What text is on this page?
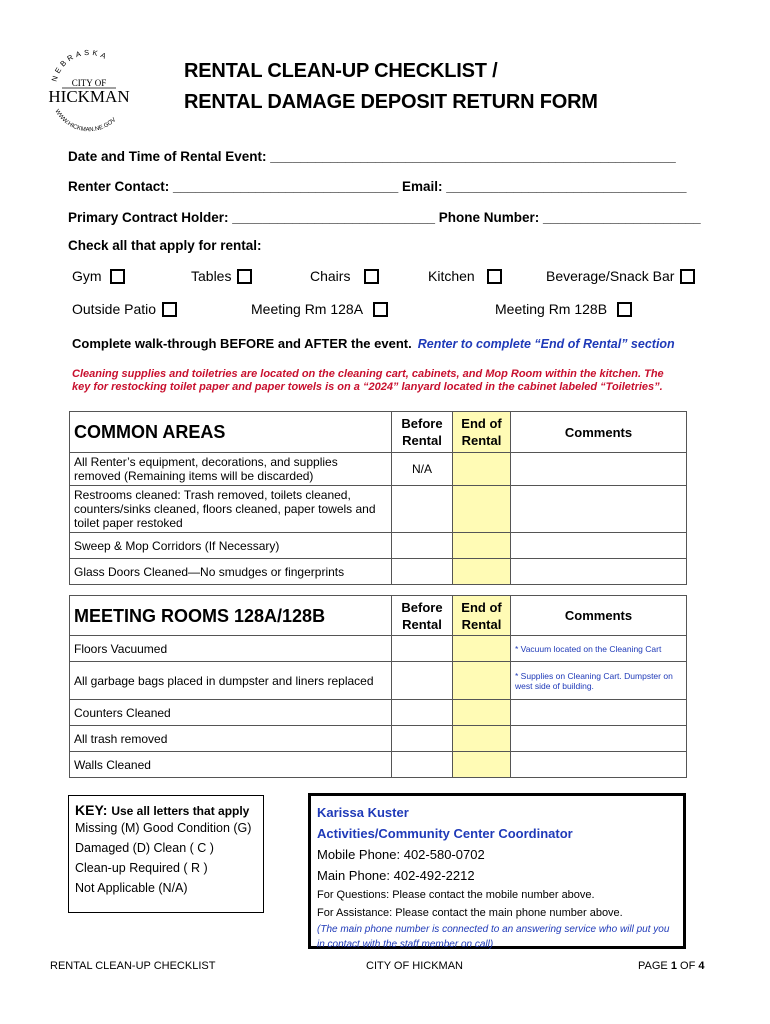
NEBRASKA
CITY OF
HICKMAN
WWW.HICKMAN.NE.GOV
RENTAL CLEAN-UP CHECKLIST /
RENTAL DAMAGE DEPOSIT RETURN FORM
Date and Time of Rental Event: ______________________________________________________
Renter Contact: ______________________________ Email: ________________________________
Primary Contract Holder: ___________________________ Phone Number: _____________________
Check all that apply for rental:
Gym	Tables	Chairs	Kitchen	Beverage/Snack Bar
Outside Patio	Meeting Rm 128A	Meeting Rm 128B
Complete walk-through BEFORE and AFTER the event. Renter to complete “End of Rental” section
Cleaning supplies and toiletries are located on the cleaning cart, cabinets, and Mop Room within the kitchen. The key for restocking toilet paper and paper towels is on a “2024” lanyard located in the cabinet labeled “Toiletries”.
COMMON AREAS	Before Rental	End of Rental	Comments
All Renter’s equipment, decorations, and supplies removed (Remaining items will be discarded)	N/A		
Restrooms cleaned: Trash removed, toilets cleaned, counters/sinks cleaned, floors cleaned, paper towels and toilet paper restoked			
Sweep & Mop Corridors (If Necessary)			
Glass Doors Cleaned—No smudges or fingerprints			
MEETING ROOMS 128A/128B	Before Rental	End of Rental	Comments
Floors Vacuumed			* Vacuum located on the Cleaning Cart
All garbage bags placed in dumpster and liners replaced			* Supplies on Cleaning Cart. Dumpster on west side of building.
Counters Cleaned			
All trash removed			
Walls Cleaned			
KEY: Use all letters that apply
Missing (M) Good Condition (G)
Damaged (D) Clean ( C )
Clean-up Required ( R )
Not Applicable (N/A)
Karissa Kuster
Activities/Community Center Coordinator
Mobile Phone: 402-580-0702
Main Phone: 402-492-2212
For Questions: Please contact the mobile number above.
For Assistance: Please contact the main phone number above.
(The main phone number is connected to an answering service who will put you in contact with the staff member on call)
RENTAL CLEAN-UP CHECKLIST	CITY OF HICKMAN	PAGE 1 OF 4
